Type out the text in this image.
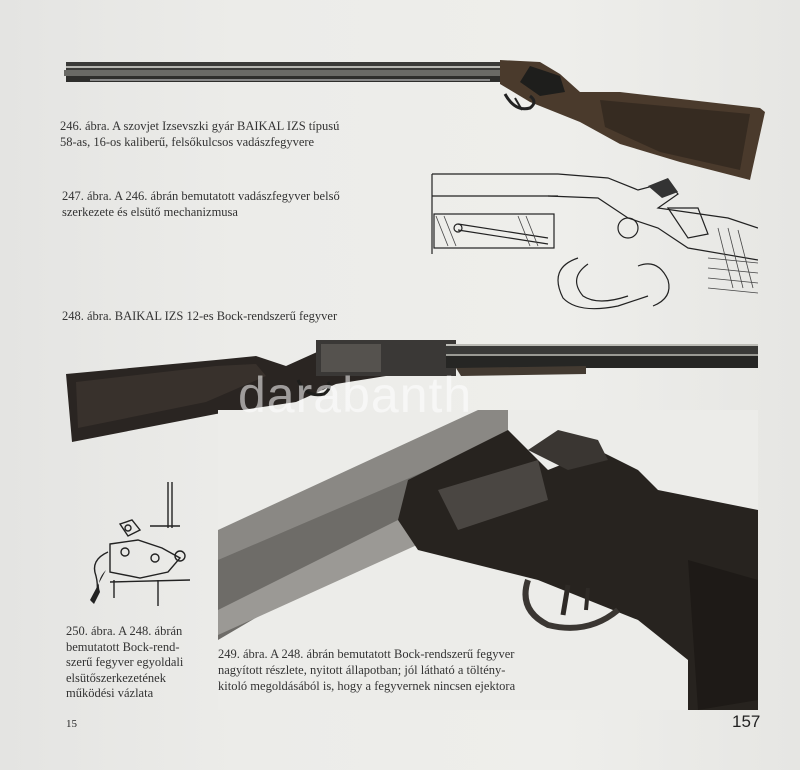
246. ábra. A szovjet Izsevszki gyár BAIKAL IZS típusú
58-as, 16-os kaliberű, felsőkulcsos vadászfegyvere
247. ábra. A 246. ábrán bemutatott vadászfegyver belső
szerkezete és elsütő mechanizmusa
248. ábra. BAIKAL IZS 12-es Bock-rendszerű fegyver
250. ábra. A 248. ábrán
bemutatott Bock-rend-
szerű fegyver egyoldali
elsütőszerkezetének
működési vázlata
249. ábra. A 248. ábrán bemutatott Bock-rendszerű fegyver
nagyított részlete, nyitott állapotban; jól látható a töltény-
kitoló megoldásából is, hogy a fegyvernek nincsen ejektora
15	157
darabanth
